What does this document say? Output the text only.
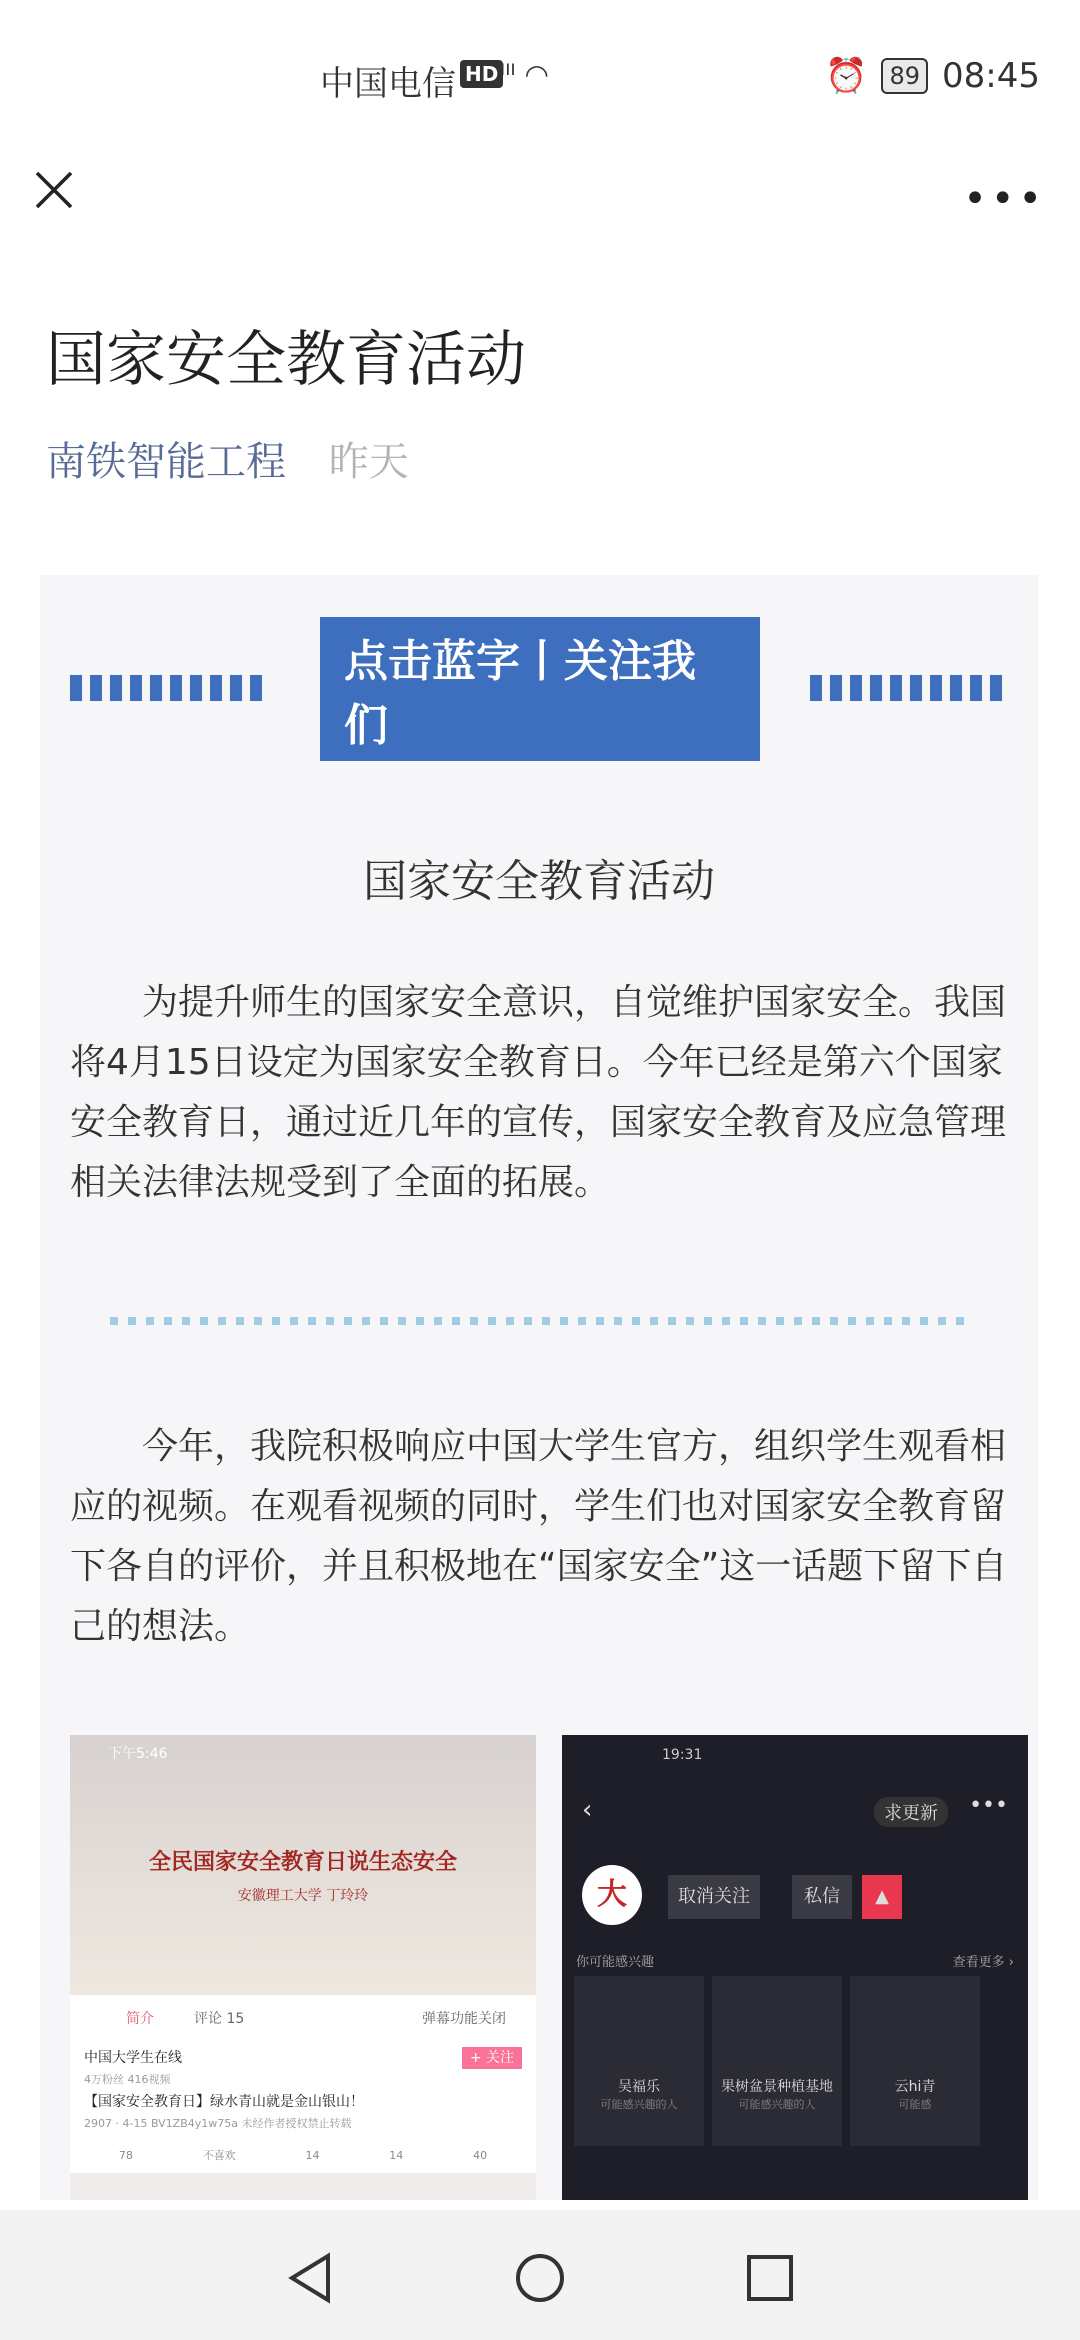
中国电信 HD ᴵᴵᴵ ◠	⏰ 89 08:45
•••
国家安全教育活动
南铁智能工程 昨天
点击蓝字丨关注我们
国家安全教育活动

为提升师生的国家安全意识，自觉维护国家安全。我国将4月15日设定为国家安全教育日。今年已经是第六个国家安全教育日，通过近几年的宣传，国家安全教育及应急管理相关法律法规受到了全面的拓展。

今年，我院积极响应中国大学生官方，组织学生观看相应的视频。在观看视频的同时，学生们也对国家安全教育留下各自的评价，并且积极地在“国家安全”这一话题下留下自己的想法。

下午5:46
全民国家安全教育日说生态安全
安徽理工大学 丁玲玲
简介	评论 15	弹幕功能关闭
+ 关注
中国大学生在线
4万粉丝 416视频
【国家安全教育日】绿水青山就是金山银山！
2907 · 4-15 BV1ZB4y1w75a 未经作者授权禁止转载
78	不喜欢	14	14	40
19:31
‹	求更新	•••
大	取消关注	私信	▲
你可能感兴趣	查看更多 ›
吴福乐
可能感兴趣的人
果树盆景种植基地
可能感兴趣的人
云hi青
可能感
